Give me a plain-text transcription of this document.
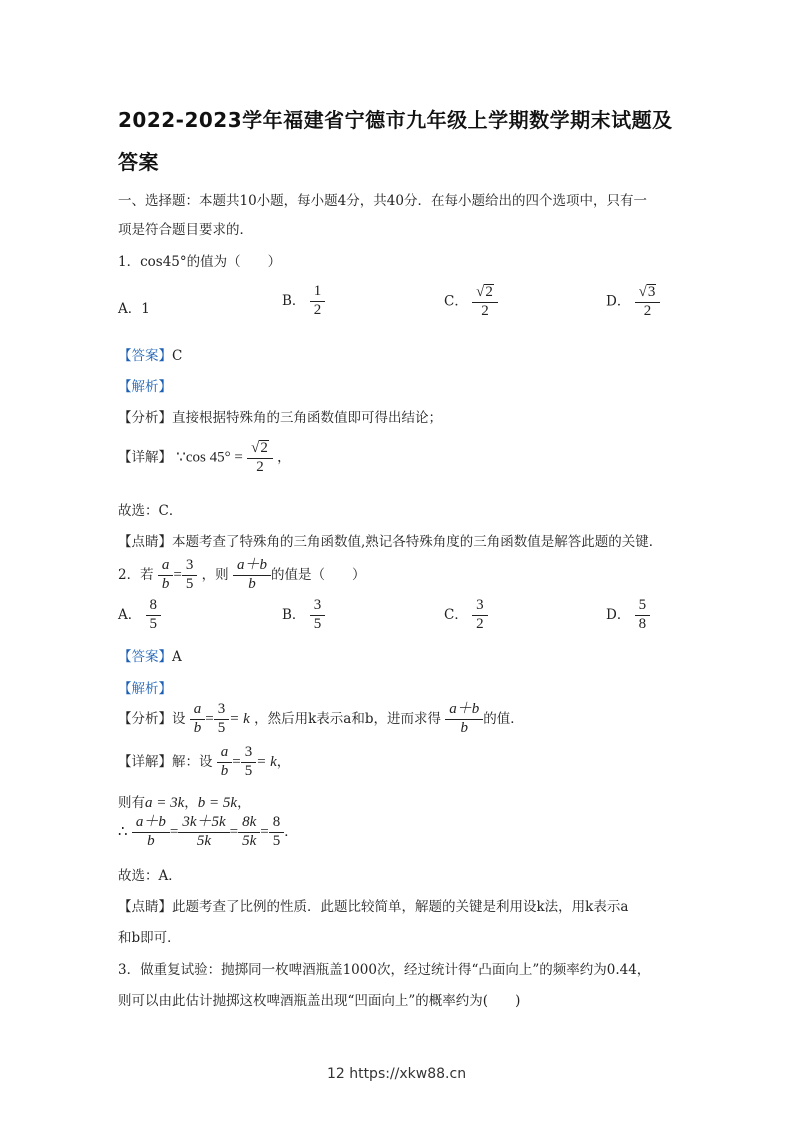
2022-2023学年福建省宁德市九年级上学期数学期末试题及
答案
一、选择题：本题共10小题，每小题4分，共40分．在每小题给出的四个选项中，只有一
项是符合题目要求的．
1．cos45°的值为（　　）
A．1
B． $\frac{1}{2}$	C． $\frac{√ 2}{2}$	D． $\frac{√ 3}{2}$
【答案】C
【解析】
【分析】直接根据特殊角的三角函数值即可得出结论；
【详解】 ∵cos $45^\circ = \frac{√ 2}{2}$ ，
故选：C．
【点睛】本题考查了特殊角的三角函数值,熟记各特殊角度的三角函数值是解答此题的关键．
2．若 $\frac{a}{b} = \frac{3}{5}$ ，则 $\frac{a+b}{b}$ 的值是（　　）
A． $\frac{8}{5}$	B． $\frac{3}{5}$	C． $\frac{3}{2}$	D． $\frac{5}{8}$
【答案】A
【解析】
【分析】设 $\frac{a}{b} = \frac{3}{5} = k$ ，然后用k表示a和b，进而求得 $\frac{a+b}{b}$ 的值．
【详解】解：设 $\frac{a}{b} = \frac{3}{5} = k$，
则有a = 3k，b = 5k，
∴ $\frac{a+b}{b} = \frac{3k+5k}{5k} = \frac{8k}{5k} = \frac{8}{5}$ ．
故选：A．
【点睛】此题考查了比例的性质．此题比较简单，解题的关键是利用设k法，用k表示a
和b即可．
3．做重复试验：抛掷同一枚啤酒瓶盖1000次，经过统计得“凸面向上”的频率约为0.44，
则可以由此估计抛掷这枚啤酒瓶盖出现“凹面向上”的概率约为(　　)
12 https://xkw88.cn
